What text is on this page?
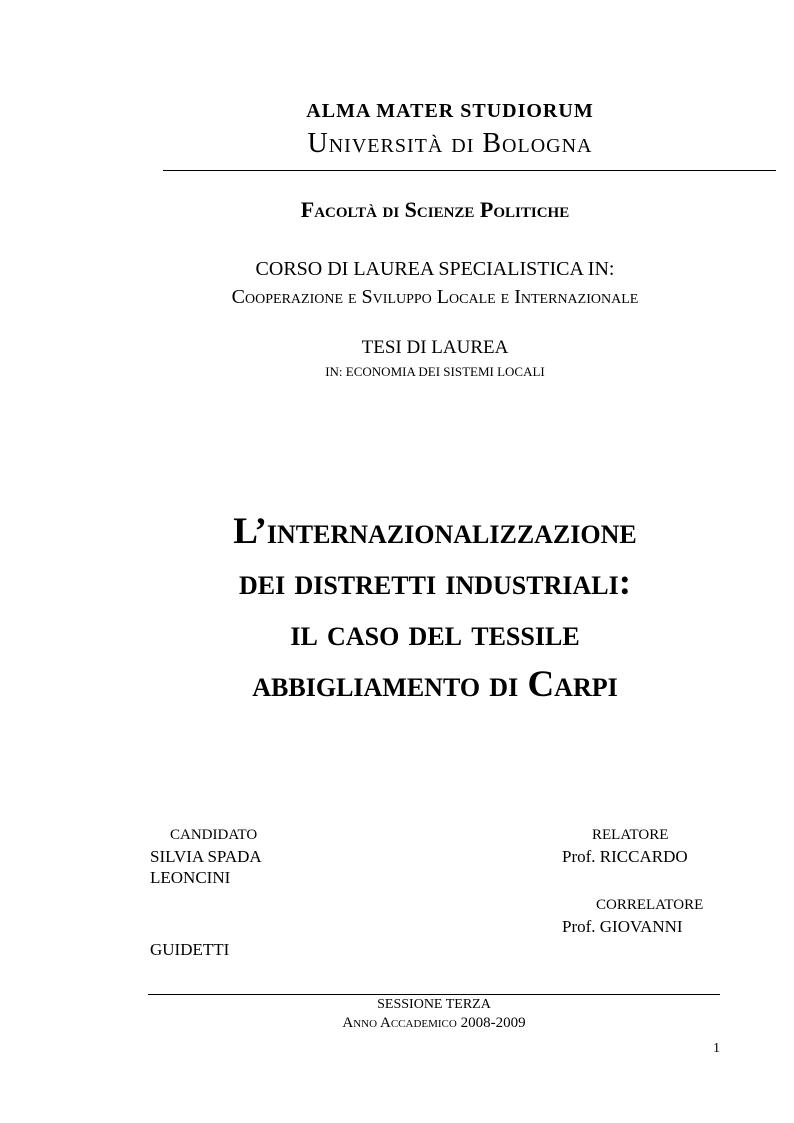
ALMA MATER STUDIORUM
Università di Bologna
Facoltà di Scienze Politiche
CORSO DI LAUREA SPECIALISTICA IN:
Cooperazione e Sviluppo Locale e Internazionale
TESI DI LAUREA
IN: ECONOMIA DEI SISTEMI LOCALI
L’internazionalizzazione
dei distretti industriali:
il caso del tessile
abbigliamento di Carpi
CANDIDATO
SILVIA SPADA
LEONCINI
GUIDETTI
RELATORE
Prof. RICCARDO
CORRELATORE
Prof. GIOVANNI
SESSIONE TERZA
Anno Accademico 2008-2009
1
